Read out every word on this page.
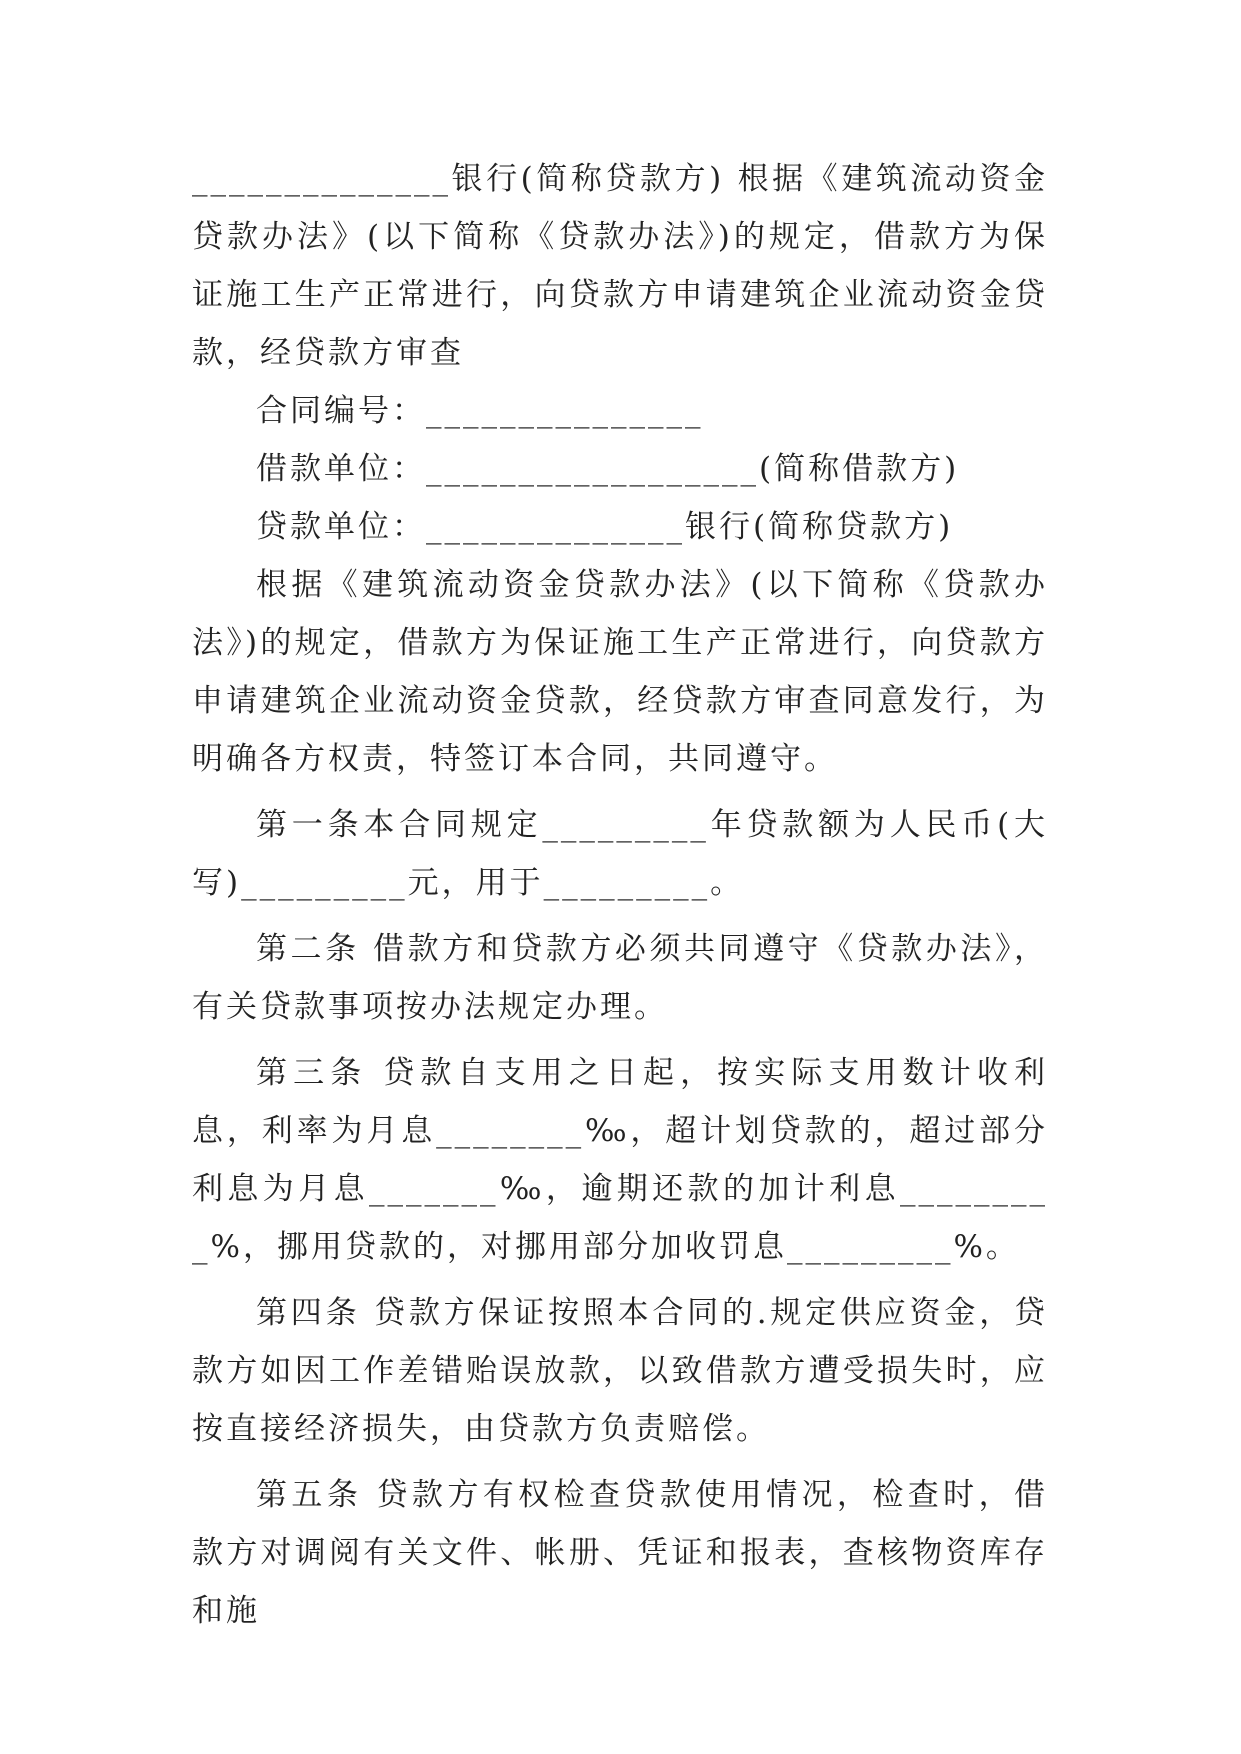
______________银行(简称贷款方) 根据《建筑流动资金贷款办法》(以下简称《贷款办法》)的规定，借款方为保证施工生产正常进行，向贷款方申请建筑企业流动资金贷款，经贷款方审查

合同编号：_______________

借款单位：__________________(简称借款方)

贷款单位：______________银行(简称贷款方)

根据《建筑流动资金贷款办法》(以下简称《贷款办法》)的规定，借款方为保证施工生产正常进行，向贷款方申请建筑企业流动资金贷款，经贷款方审查同意发行，为明确各方权责，特签订本合同，共同遵守。

第一条本合同规定_________年贷款额为人民币(大写)_________元，用于_________。

第二条 借款方和贷款方必须共同遵守《贷款办法》，有关贷款事项按办法规定办理。

第三条 贷款自支用之日起，按实际支用数计收利息，利率为月息________‰，超计划贷款的，超过部分利息为月息_______‰，逾期还款的加计利息_________%，挪用贷款的，对挪用部分加收罚息_________%。

第四条 贷款方保证按照本合同的.规定供应资金，贷款方如因工作差错贻误放款，以致借款方遭受损失时，应按直接经济损失，由贷款方负责赔偿。

第五条 贷款方有权检查贷款使用情况，检查时，借款方对调阅有关文件、帐册、凭证和报表，查核物资库存和施
